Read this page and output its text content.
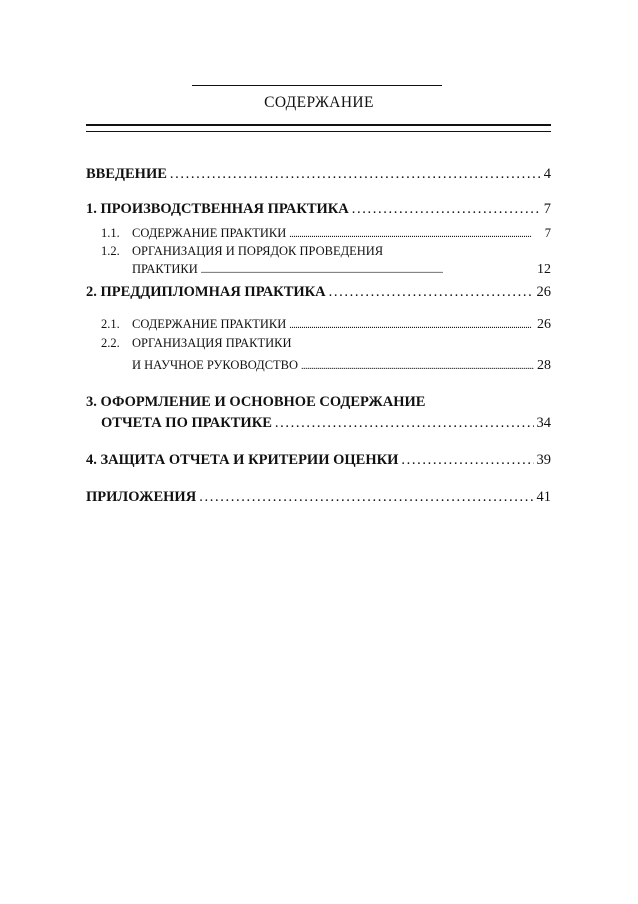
СОДЕРЖАНИЕ
ВВЕДЕНИЕ . . .	4
1. ПРОИЗВОДСТВЕННАЯ ПРАКТИКА . . .	7
1.1. СОДЕРЖАНИЕ ПРАКТИКИ . . .	7
1.2. ОРГАНИЗАЦИЯ И ПОРЯДОК ПРОВЕДЕНИЯ
ПРАКТИКИ . . .	12
2. ПРЕДДИПЛОМНАЯ ПРАКТИКА . . .	26
2.1. СОДЕРЖАНИЕ ПРАКТИКИ . . .	26
2.2. ОРГАНИЗАЦИЯ ПРАКТИКИ
И НАУЧНОЕ РУКОВОДСТВО . . .	28
3. ОФОРМЛЕНИЕ И ОСНОВНОЕ СОДЕРЖАНИЕ
ОТЧЕТА ПО ПРАКТИКЕ . . .	34
4. ЗАЩИТА ОТЧЕТА И КРИТЕРИИ ОЦЕНКИ . . .	39
ПРИЛОЖЕНИЯ . . .	41
